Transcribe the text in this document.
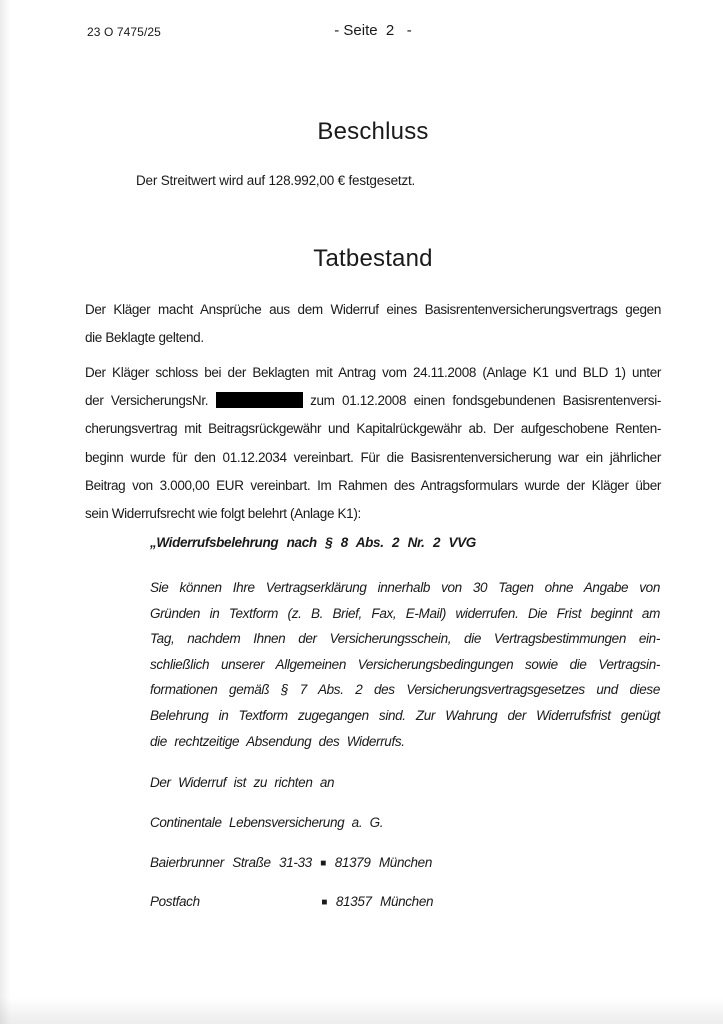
23 O 7475/25	- Seite  2   -
Beschluss
Der Streitwert wird auf 128.992,00 € festgesetzt.
Tatbestand
Der Kläger macht Ansprüche aus dem Widerruf eines Basisrentenversicherungsvertrags gegen
die Beklagte geltend.
Der Kläger schloss bei der Beklagten mit Antrag vom 24.11.2008 (Anlage K1 und BLD 1) unter
der VersicherungsNr.	zum 01.12.2008 einen fondsgebundenen Basisrentenversi-
cherungsvertrag mit Beitragsrückgewähr und Kapitalrückgewähr ab. Der aufgeschobene Renten-
beginn wurde für den 01.12.2034 vereinbart. Für die Basisrentenversicherung war ein jährlicher
Beitrag von 3.000,00 EUR vereinbart. Im Rahmen des Antragsformulars wurde der Kläger über
sein Widerrufsrecht wie folgt belehrt (Anlage K1):
„Widerrufsbelehrung nach § 8 Abs. 2 Nr. 2 VVG
Sie können Ihre Vertragserklärung innerhalb von 30 Tagen ohne Angabe von
Gründen in Textform (z. B. Brief, Fax, E-Mail) widerrufen. Die Frist beginnt am
Tag, nachdem Ihnen der Versicherungsschein, die Vertragsbestimmungen ein-
schließlich unserer Allgemeinen Versicherungsbedingungen sowie die Vertragsin-
formationen gemäß § 7 Abs. 2 des Versicherungsvertragsgesetzes und diese
Belehrung in Textform zugegangen sind. Zur Wahrung der Widerrufsfrist genügt
die rechtzeitige Absendung des Widerrufs.
Der Widerruf ist zu richten an
Continentale Lebensversicherung a. G.
Baierbrunner Straße 31-33 ■ 81379 München
Postfach	■ 81357 München
